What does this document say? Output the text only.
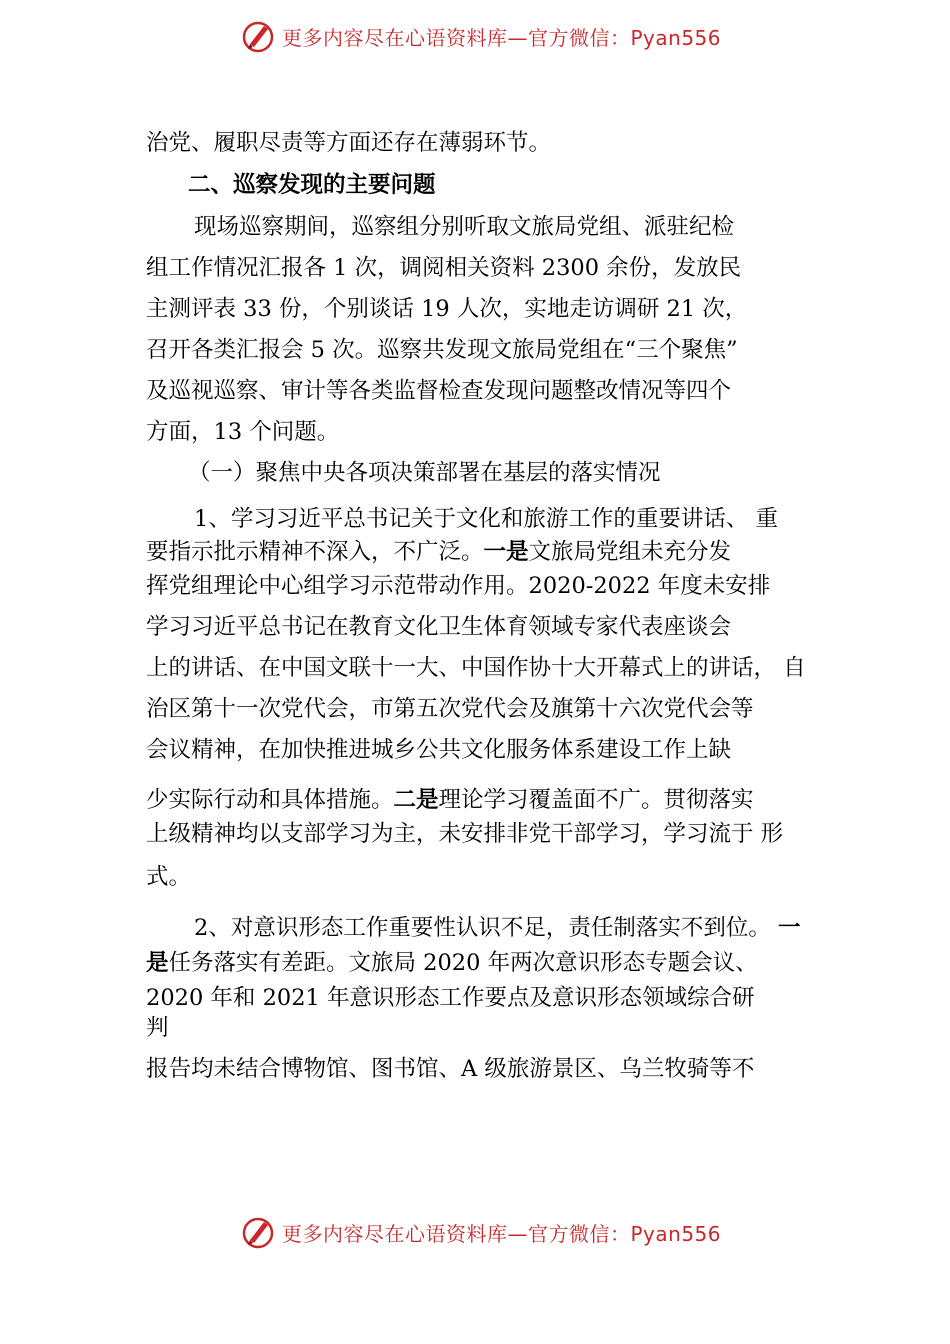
更多内容尽在心语资料库—官方微信：Pyan556
治党、履职尽责等方面还存在薄弱环节。
二、巡察发现的主要问题
现场巡察期间，巡察组分别听取文旅局党组、派驻纪检
组工作情况汇报各 1 次，调阅相关资料 2300 余份，发放民
主测评表 33 份，个别谈话 19 人次，实地走访调研 21 次，
召开各类汇报会 5 次。巡察共发现文旅局党组在“三个聚焦”
及巡视巡察、审计等各类监督检查发现问题整改情况等四个
方面，13 个问题。
（一）聚焦中央各项决策部署在基层的落实情况
1、学习习近平总书记关于文化和旅游工作的重要讲话、 重
要指示批示精神不深入，不广泛。一是文旅局党组未充分发
挥党组理论中心组学习示范带动作用。2020-2022 年度未安排
学习习近平总书记在教育文化卫生体育领域专家代表座谈会
上的讲话、在中国文联十一大、中国作协十大开幕式上的讲话， 自
治区第十一次党代会，市第五次党代会及旗第十六次党代会等
会议精神，在加快推进城乡公共文化服务体系建设工作上缺
少实际行动和具体措施。二是理论学习覆盖面不广。贯彻落实
上级精神均以支部学习为主，未安排非党干部学习，学习流于 形
式。
2、对意识形态工作重要性认识不足，责任制落实不到位。 一
是任务落实有差距。文旅局 2020 年两次意识形态专题会议、
2020 年和 2021 年意识形态工作要点及意识形态领域综合研
判
报告均未结合博物馆、图书馆、A 级旅游景区、乌兰牧骑等不
更多内容尽在心语资料库—官方微信：Pyan556
